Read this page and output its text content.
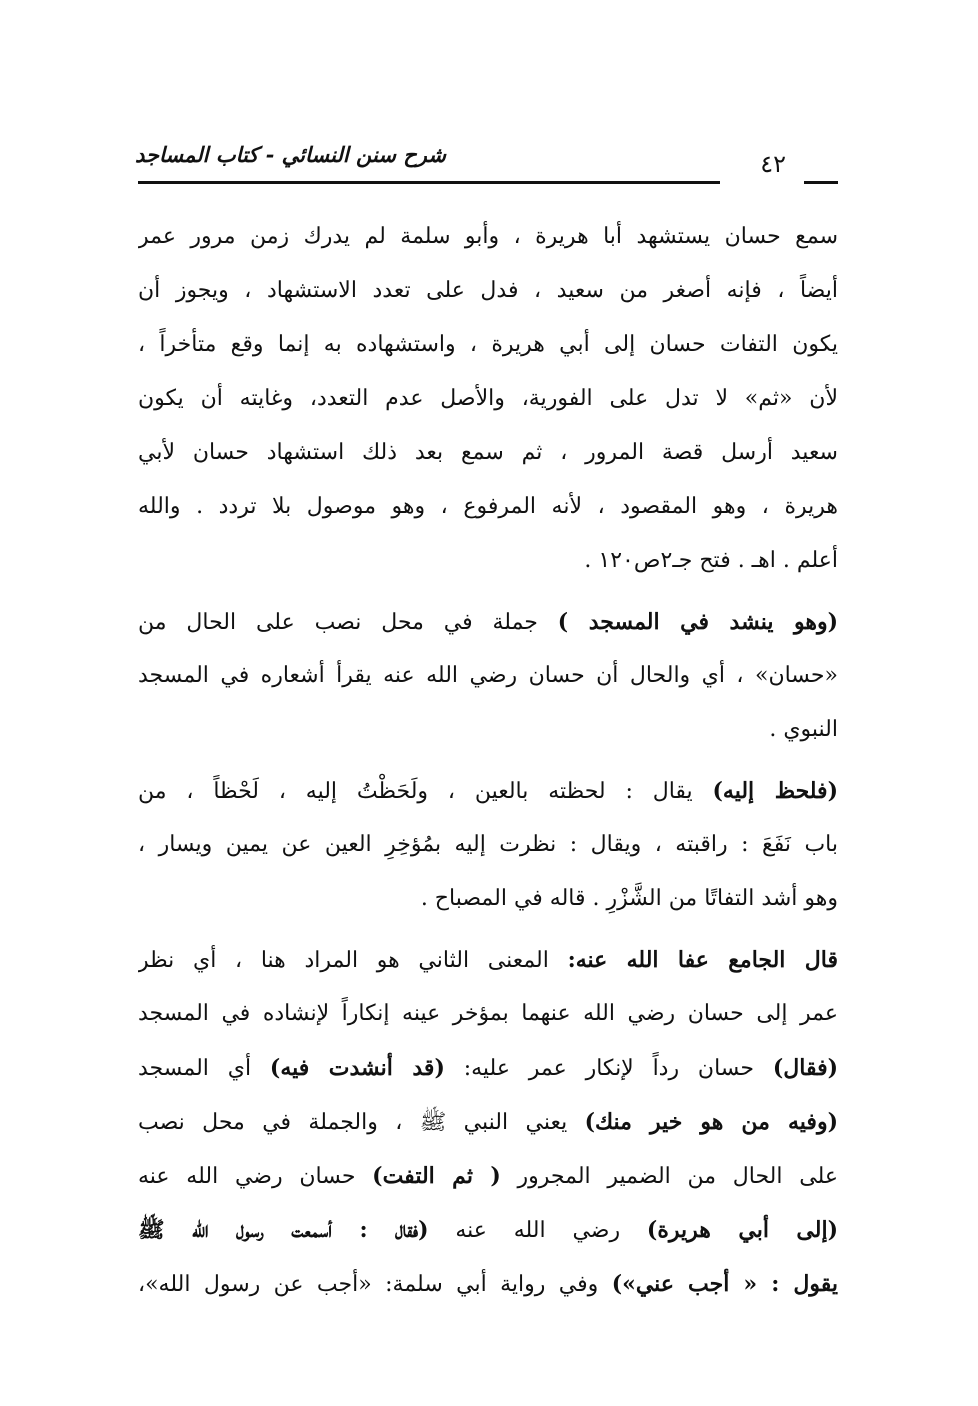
٤٢
شرح سنن النسائي - كتاب المساجد
سمع حسان يستشهد أبا هريرة ، وأبو سلمة لم يدرك زمن مرور عمر
أيضاً ، فإنه أصغر من سعيد ، فدل على تعدد الاستشهاد ، ويجوز أن
يكون التفات حسان إلى أبي هريرة ، واستشهاده به إنما وقع متأخراً ،
لأن «ثم» لا تدل على الفورية، والأصل عدم التعدد، وغايته أن يكون
سعيد أرسل قصة المرور ، ثم سمع بعد ذلك استشهاد حسان لأبي
هريرة ، وهو المقصود ، لأنه المرفوع ، وهو موصول بلا تردد . والله
أعلم . اهـ . فتح جـ٢ص١٢٠ .
(وهو ينشد في المسجد ) جملة في محل نصب على الحال من
«حسان» ، أي والحال أن حسان رضي الله عنه يقرأ أشعاره في المسجد
النبوي .
(فلحظ إليه) يقال : لحظته بالعين ، ولَحَظْتُ إليه ، لَحْظاً ، من
باب نَفَعَ : راقبته ، ويقال : نظرت إليه بمُؤخِرِ العين عن يمين ويسار ،
وهو أشد التفاتًا من الشَّزْرِ . قاله في المصباح .
قال الجامع عفا الله عنه: المعنى الثاني هو المراد هنا ، أي نظر
عمر إلى حسان رضي الله عنهما بمؤخر عينه إنكاراً لإنشاده في المسجد
(فقال) حسان رداً لإنكار عمر عليه: (قد أنشدت فيه) أي المسجد
(وفيه من هو خير منك) يعني النبي ﷺ ، والجملة في محل نصب
على الحال من الضمير المجرور ( ثم التفت) حسان رضي الله عنه
(إلى أبي هريرة) رضي الله عنه (فقال : أسمعت رسول الله ﷺ
يقول : « أجب عني») وفي رواية أبي سلمة: «أجب عن رسول الله»،
